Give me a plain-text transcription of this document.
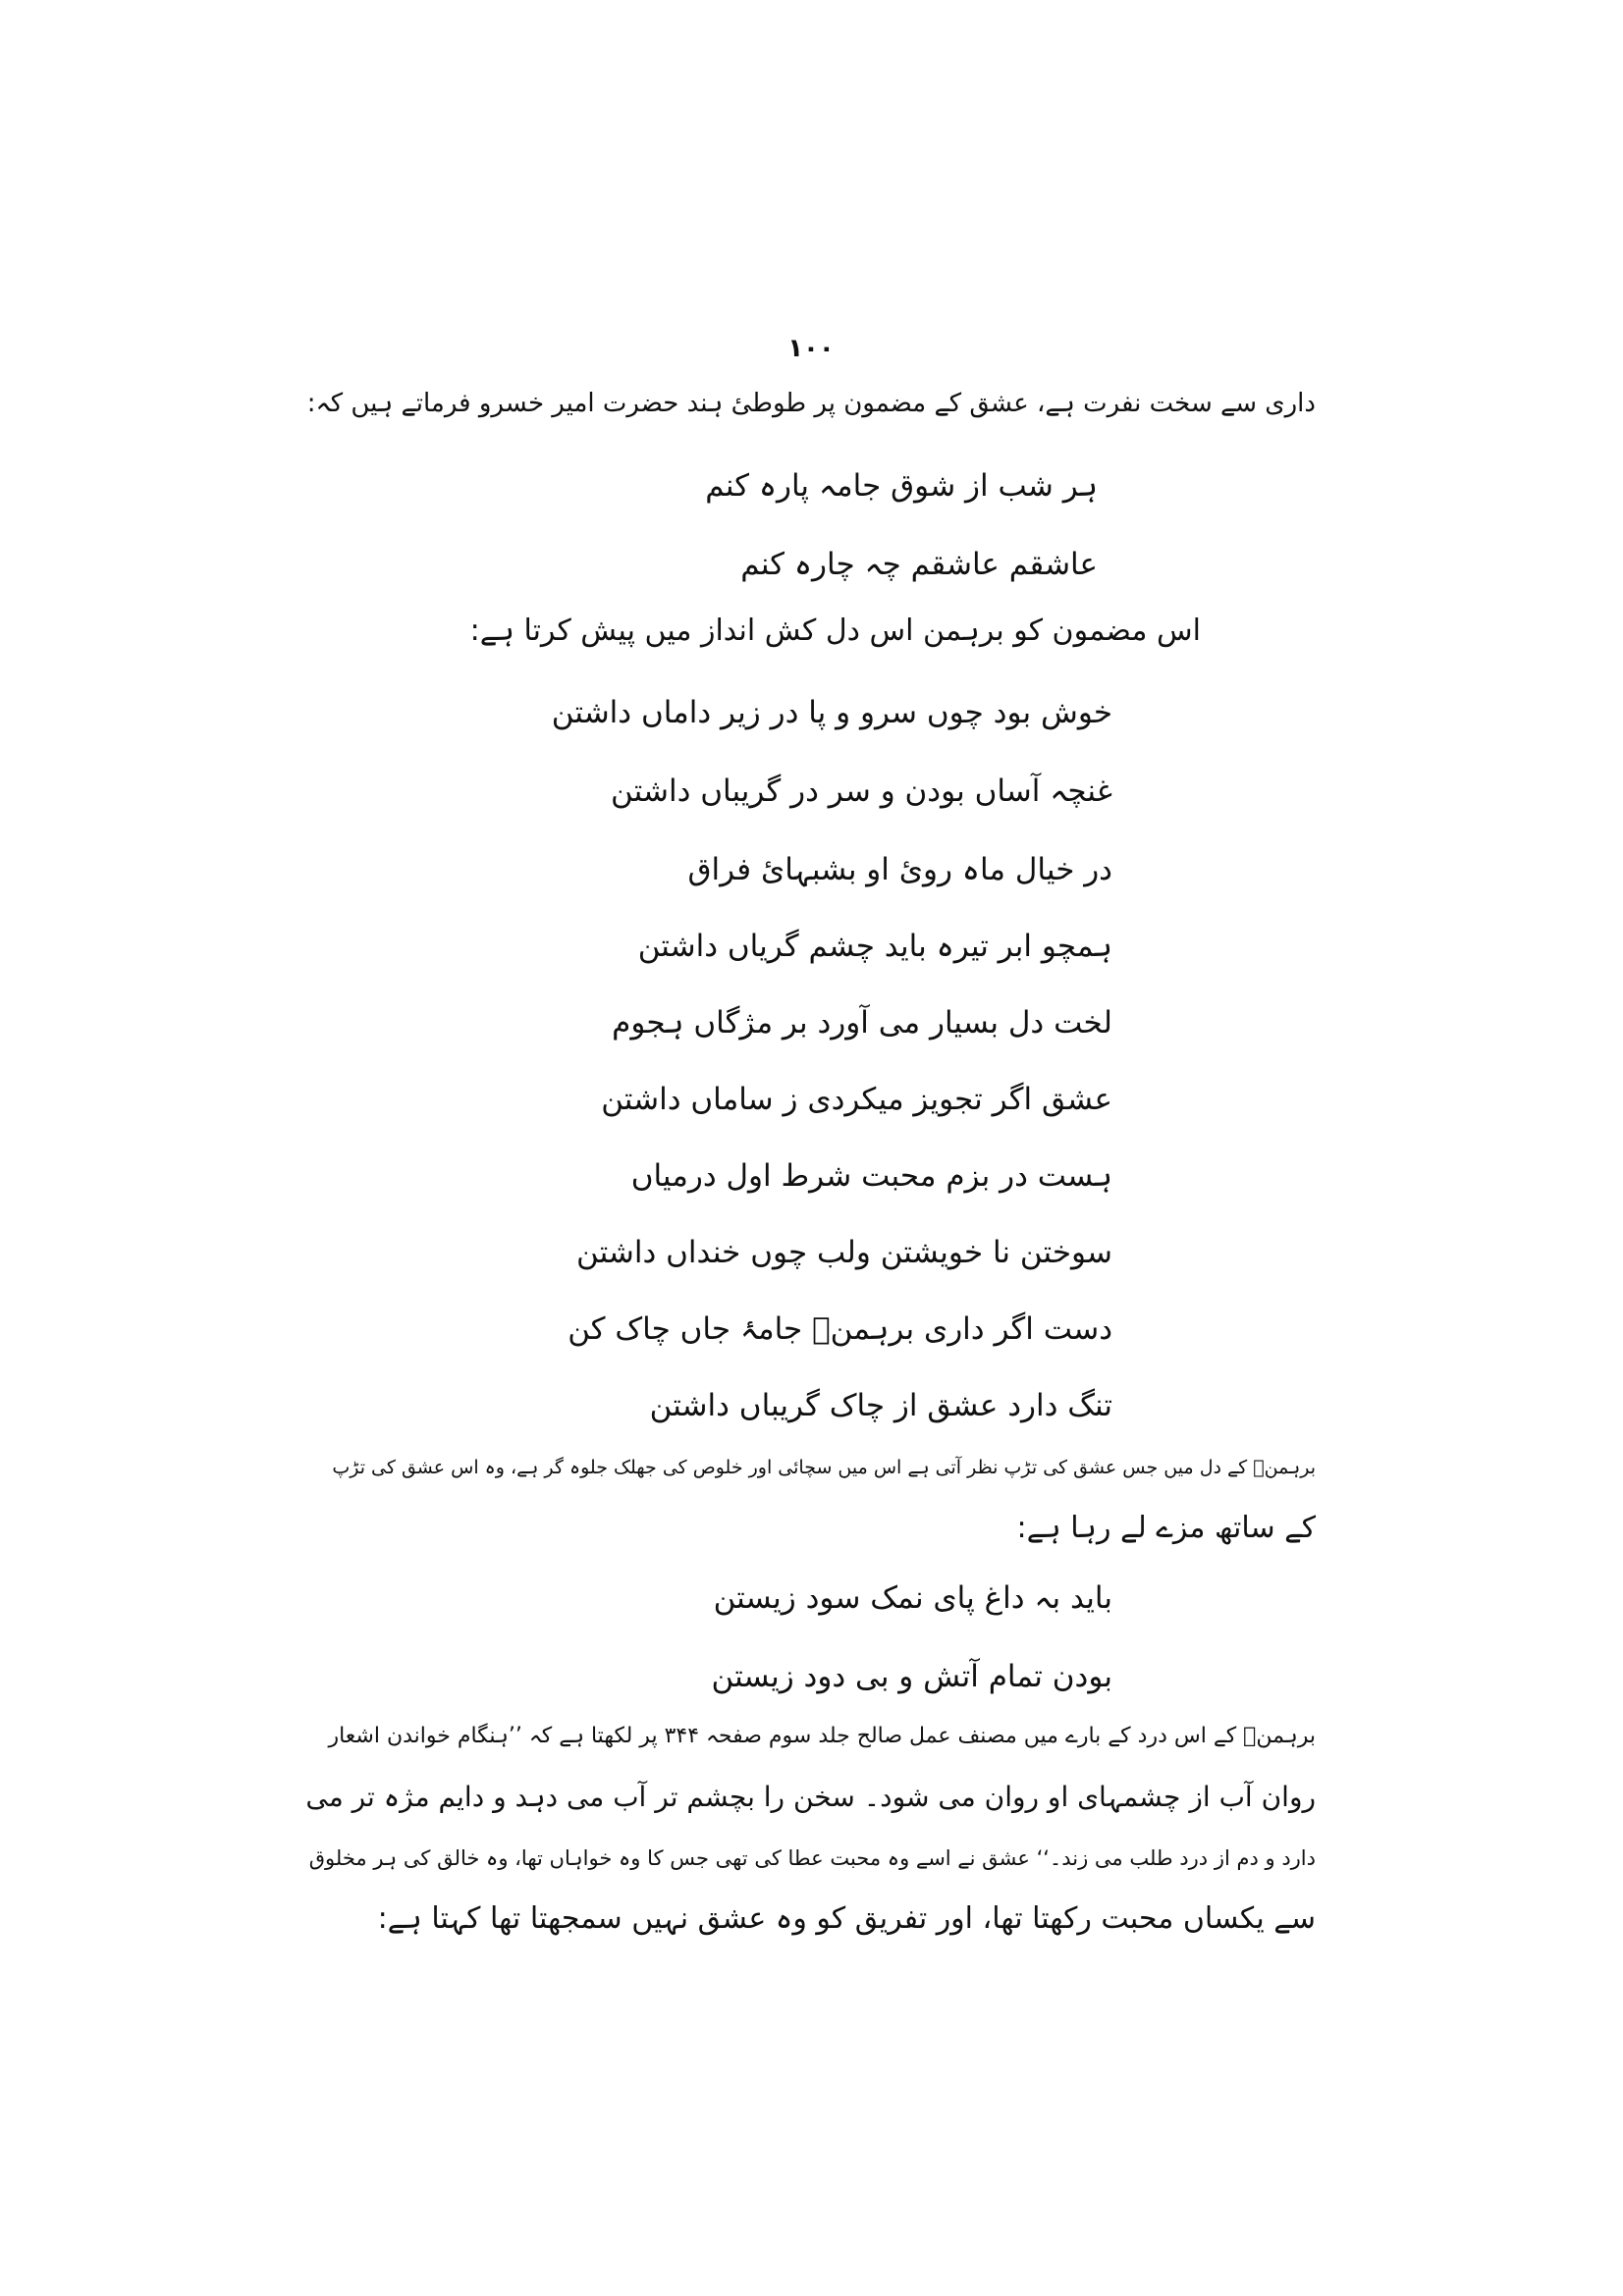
۱۰۰
داری سے سخت نفرت ہے، عشق کے مضمون پر طوطیٔ ہند حضرت امیر خسرو فرماتے ہیں کہ:
ہر شب از شوق جامہ پارہ کنم
عاشقم عاشقم چہ چارہ کنم
اس مضمون کو برہمن اس دل کش انداز میں پیش کرتا ہے:
خوش بود چوں سرو و پا در زیر داماں داشتن
غنچہ آساں بودن و سر در گریباں داشتن
در خیال ماہ روئ او بشبہائ فراق
ہمچو ابر تیرہ باید چشم گریاں داشتن
لخت دل بسیار می آورد بر مژگاں ہجوم
عشق اگر تجویز میکردی ز ساماں داشتن
ہست در بزم محبت شرط اول درمیاں
سوختن نا خویشتن ولب چوں خنداں داشتن
دست اگر داری برہمنؔ جامۂ جاں چاک کن
تنگ دارد عشق از چاک گریباں داشتن
برہمنؔ کے دل میں جس عشق کی تڑپ نظر آتی ہے اس میں سچائی اور خلوص کی جھلک جلوہ گر ہے، وہ اس عشق کی تڑپ
کے ساتھ مزے لے رہا ہے:
باید بہ داغ پای نمک سود زیستن
بودن تمام آتش و بی دود زیستن
برہمنؔ کے اس درد کے بارے میں مصنف عمل صالح جلد سوم صفحہ ۳۴۴ پر لکھتا ہے کہ ’’ہنگام خواندن اشعار
روان آب از چشمہای او روان می شود۔ سخن را بچشم تر آب می دہد و دایم مژہ تر می
دارد و دم از درد طلب می زند۔‘‘ عشق نے اسے وہ محبت عطا کی تھی جس کا وہ خواہاں تھا، وہ خالق کی ہر مخلوق
سے یکساں محبت رکھتا تھا، اور تفریق کو وہ عشق نہیں سمجھتا تھا کہتا ہے:
